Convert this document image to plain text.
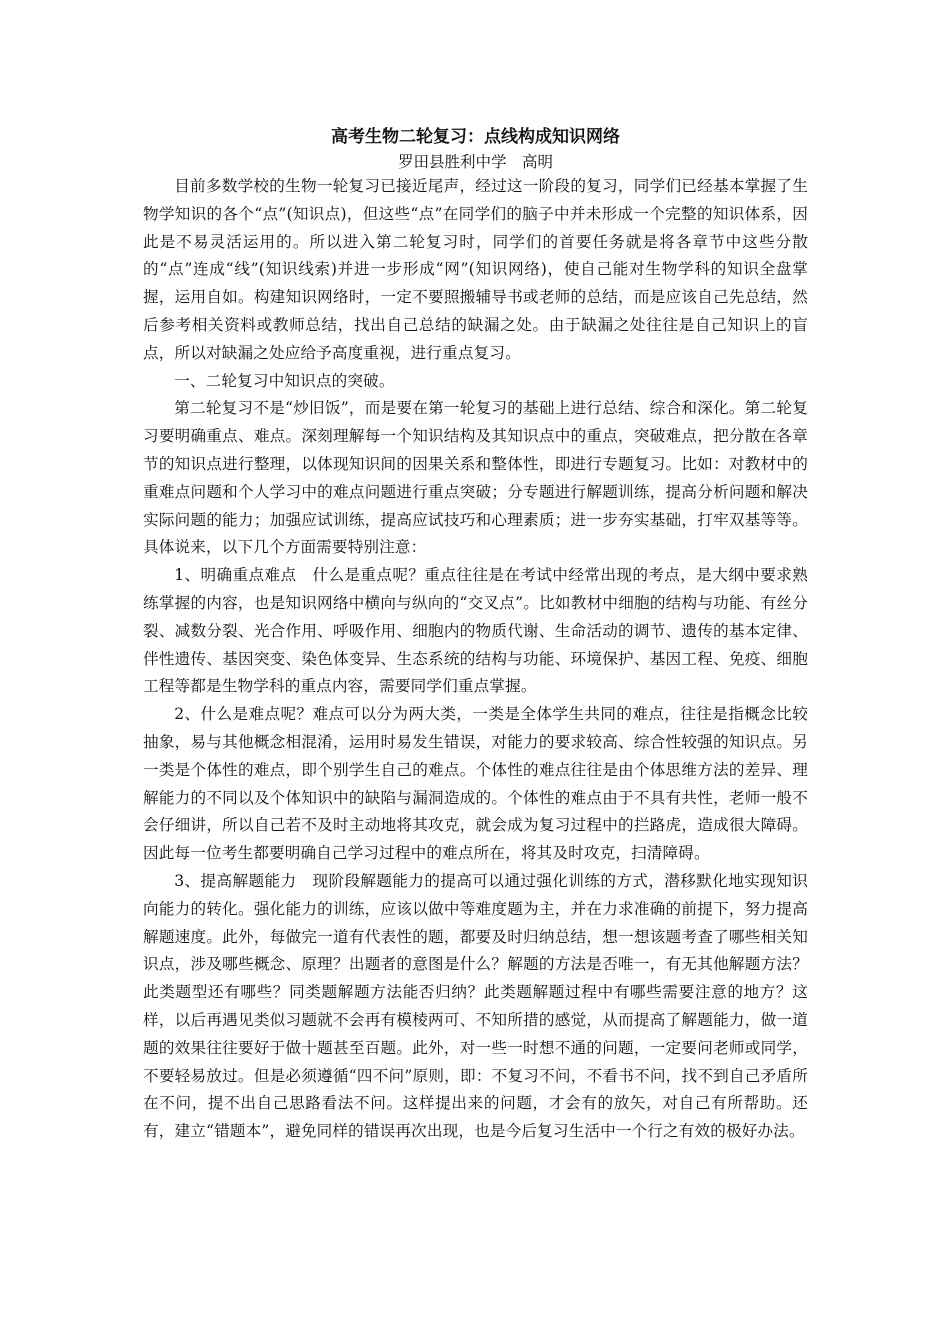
高考生物二轮复习：点线构成知识网络
罗田县胜利中学　高明

目前多数学校的生物一轮复习已接近尾声，经过这一阶段的复习，同学们已经基本掌握了生物学知识的各个“点”(知识点)，但这些“点”在同学们的脑子中并未形成一个完整的知识体系，因此是不易灵活运用的。所以进入第二轮复习时，同学们的首要任务就是将各章节中这些分散的“点”连成“线”(知识线索)并进一步形成“网”(知识网络)，使自己能对生物学科的知识全盘掌握，运用自如。构建知识网络时，一定不要照搬辅导书或老师的总结，而是应该自己先总结，然后参考相关资料或教师总结，找出自己总结的缺漏之处。由于缺漏之处往往是自己知识上的盲点，所以对缺漏之处应给予高度重视，进行重点复习。

一、二轮复习中知识点的突破。

第二轮复习不是“炒旧饭”，而是要在第一轮复习的基础上进行总结、综合和深化。第二轮复习要明确重点、难点。深刻理解每一个知识结构及其知识点中的重点，突破难点，把分散在各章节的知识点进行整理，以体现知识间的因果关系和整体性，即进行专题复习。比如：对教材中的重难点问题和个人学习中的难点问题进行重点突破；分专题进行解题训练，提高分析问题和解决实际问题的能力；加强应试训练，提高应试技巧和心理素质；进一步夯实基础，打牢双基等等。具体说来，以下几个方面需要特别注意：

1、明确重点难点　什么是重点呢？重点往往是在考试中经常出现的考点，是大纲中要求熟练掌握的内容，也是知识网络中横向与纵向的“交叉点”。比如教材中细胞的结构与功能、有丝分裂、减数分裂、光合作用、呼吸作用、细胞内的物质代谢、生命活动的调节、遗传的基本定律、伴性遗传、基因突变、染色体变异、生态系统的结构与功能、环境保护、基因工程、免疫、细胞工程等都是生物学科的重点内容，需要同学们重点掌握。

2、什么是难点呢？难点可以分为两大类，一类是全体学生共同的难点，往往是指概念比较抽象，易与其他概念相混淆，运用时易发生错误，对能力的要求较高、综合性较强的知识点。另一类是个体性的难点，即个别学生自己的难点。个体性的难点往往是由个体思维方法的差异、理解能力的不同以及个体知识中的缺陷与漏洞造成的。个体性的难点由于不具有共性，老师一般不会仔细讲，所以自己若不及时主动地将其攻克，就会成为复习过程中的拦路虎，造成很大障碍。因此每一位考生都要明确自己学习过程中的难点所在，将其及时攻克，扫清障碍。

3、提高解题能力　现阶段解题能力的提高可以通过强化训练的方式，潜移默化地实现知识向能力的转化。强化能力的训练，应该以做中等难度题为主，并在力求准确的前提下，努力提高解题速度。此外，每做完一道有代表性的题，都要及时归纳总结，想一想该题考查了哪些相关知识点，涉及哪些概念、原理？出题者的意图是什么？解题的方法是否唯一，有无其他解题方法？此类题型还有哪些？同类题解题方法能否归纳？此类题解题过程中有哪些需要注意的地方？这样，以后再遇见类似习题就不会再有模棱两可、不知所措的感觉，从而提高了解题能力，做一道题的效果往往要好于做十题甚至百题。此外，对一些一时想不通的问题，一定要问老师或同学，不要轻易放过。但是必须遵循“四不问”原则，即：不复习不问，不看书不问，找不到自己矛盾所在不问，提不出自己思路看法不问。这样提出来的问题，才会有的放矢，对自己有所帮助。还有，建立“错题本”，避免同样的错误再次出现，也是今后复习生活中一个行之有效的极好办法。
